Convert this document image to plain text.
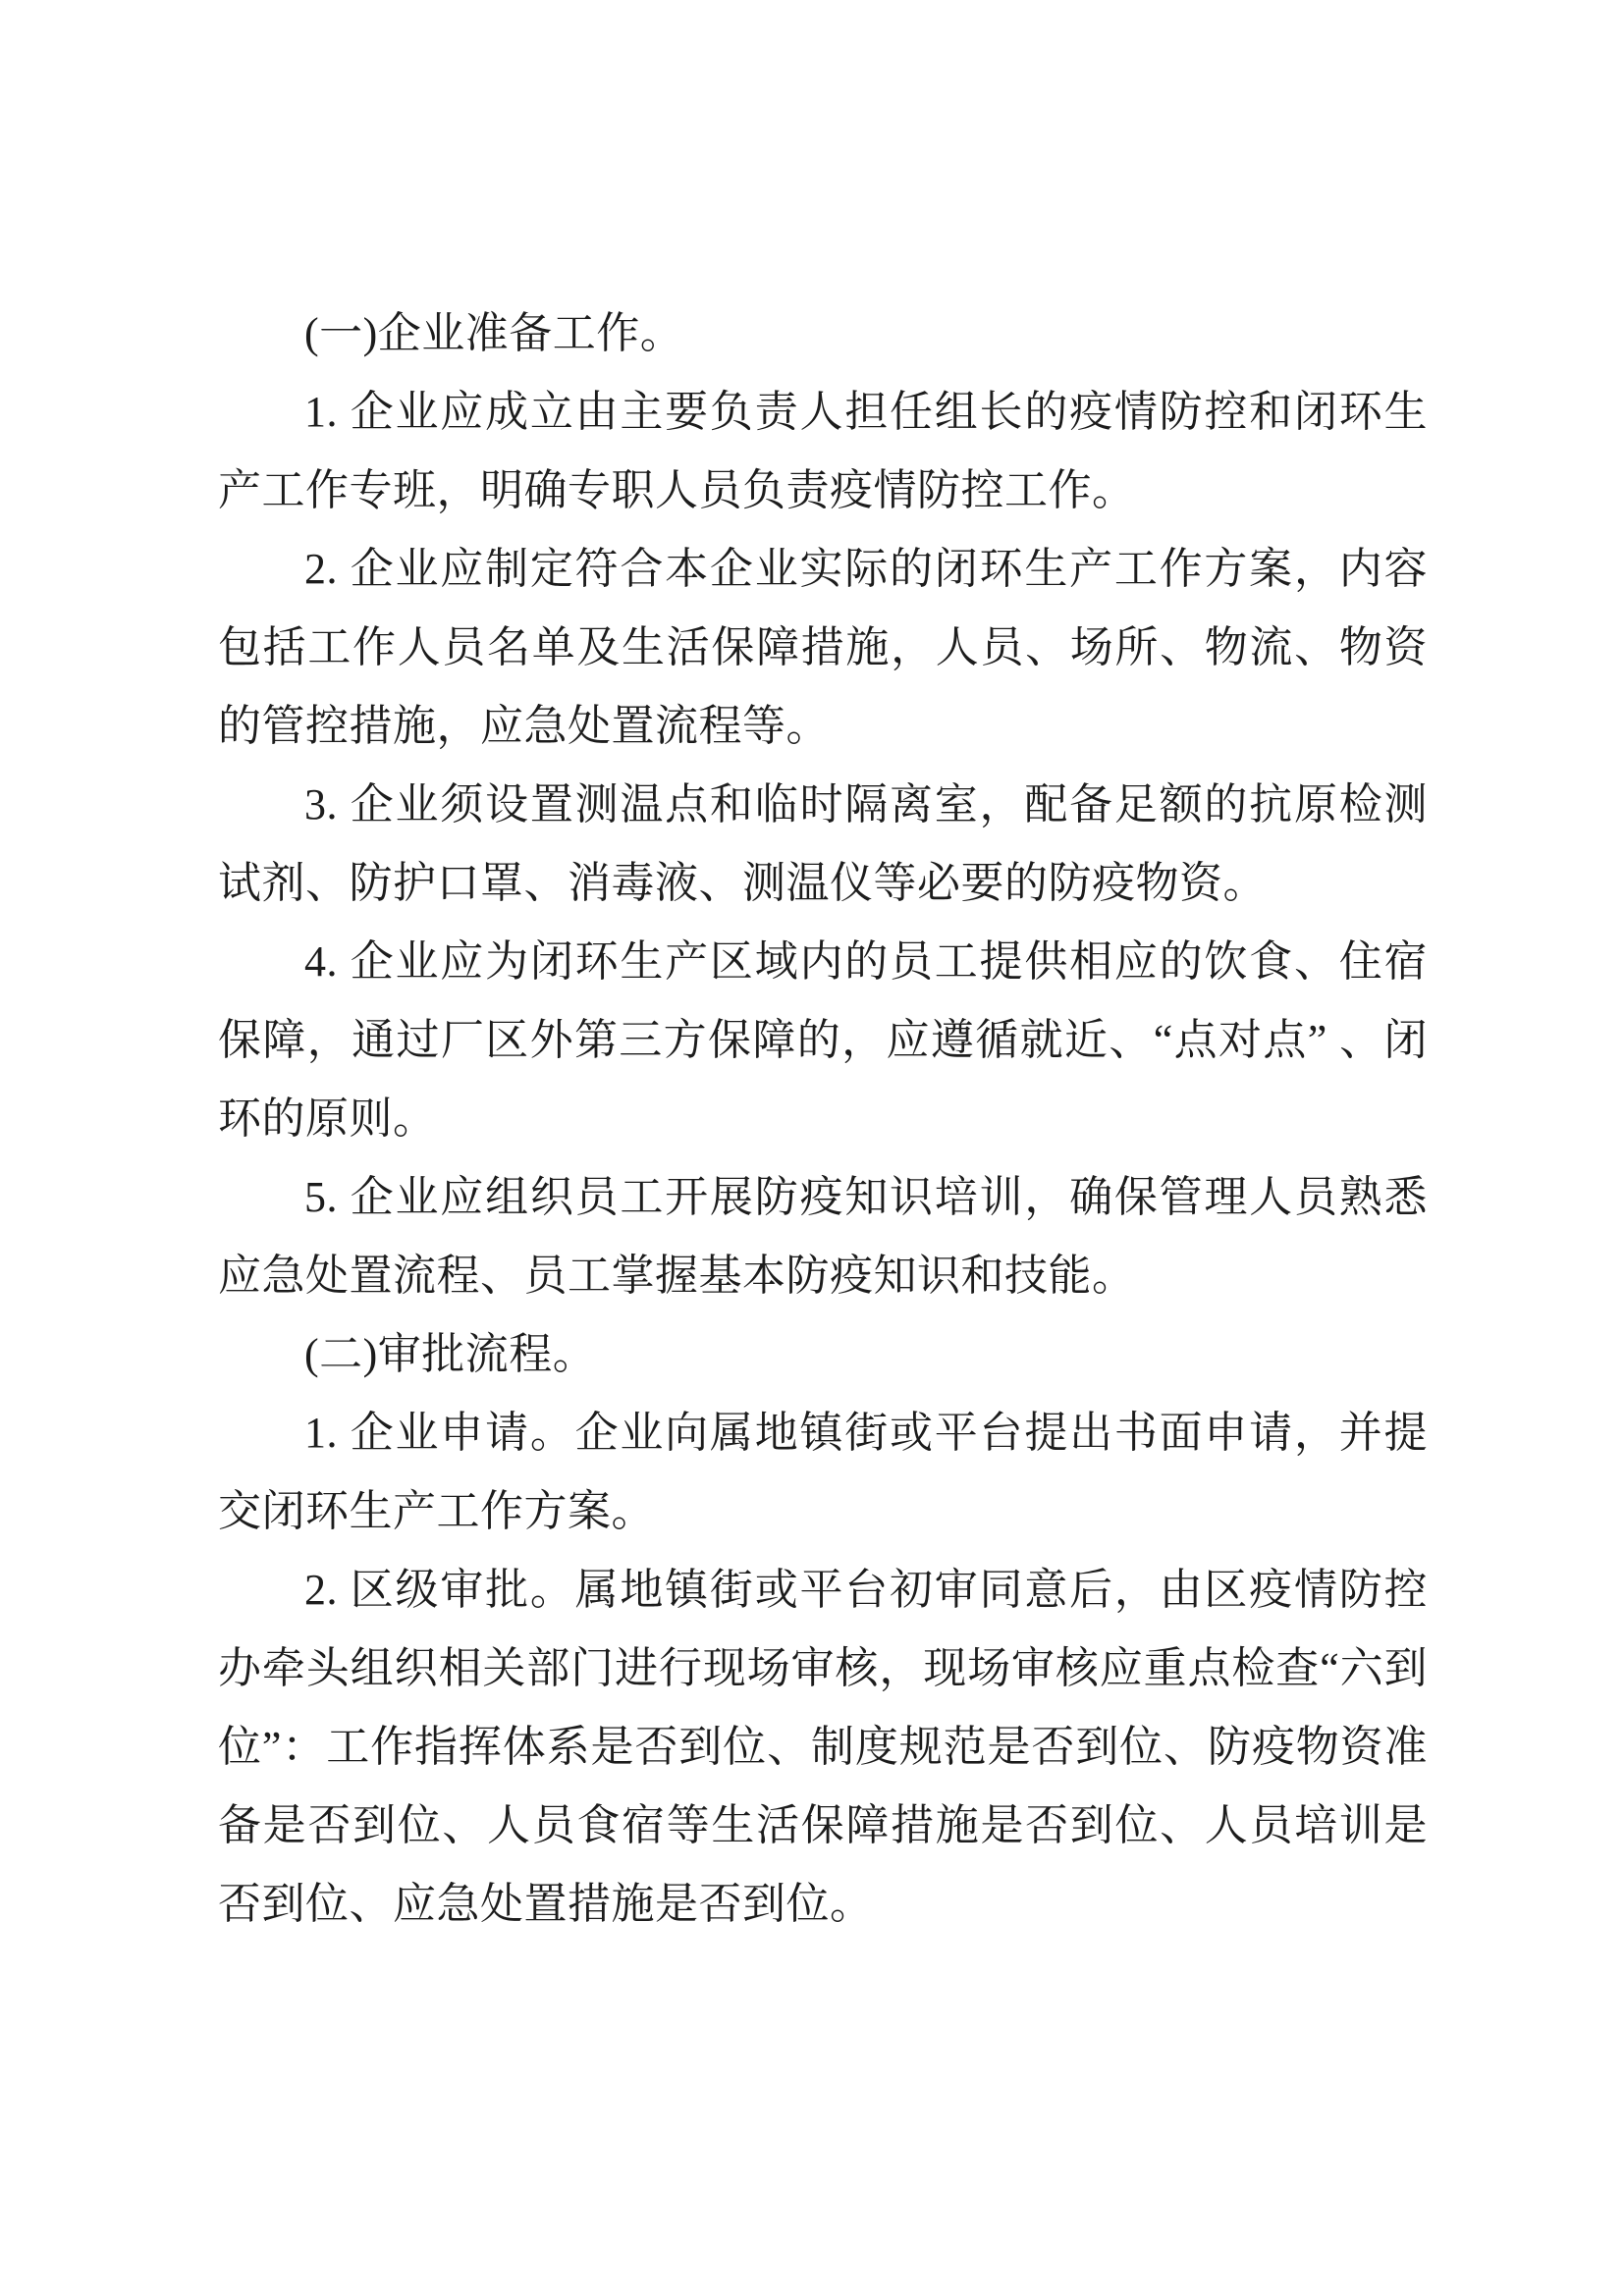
(一)企业准备工作。

1. 企业应成立由主要负责人担任组长的疫情防控和闭环生产工作专班，明确专职人员负责疫情防控工作。

2. 企业应制定符合本企业实际的闭环生产工作方案，内容包括工作人员名单及生活保障措施，人员、场所、物流、物资的管控措施，应急处置流程等。

3. 企业须设置测温点和临时隔离室，配备足额的抗原检测试剂、防护口罩、消毒液、测温仪等必要的防疫物资。

4. 企业应为闭环生产区域内的员工提供相应的饮食、住宿保障，通过厂区外第三方保障的，应遵循就近、“点对点” 、闭环的原则。

5. 企业应组织员工开展防疫知识培训，确保管理人员熟悉应急处置流程、员工掌握基本防疫知识和技能。

(二)审批流程。

1. 企业申请。企业向属地镇街或平台提出书面申请，并提交闭环生产工作方案。

2. 区级审批。属地镇街或平台初审同意后，由区疫情防控办牵头组织相关部门进行现场审核，现场审核应重点检查“六到位”：工作指挥体系是否到位、制度规范是否到位、防疫物资准备是否到位、人员食宿等生活保障措施是否到位、人员培训是否到位、应急处置措施是否到位。
